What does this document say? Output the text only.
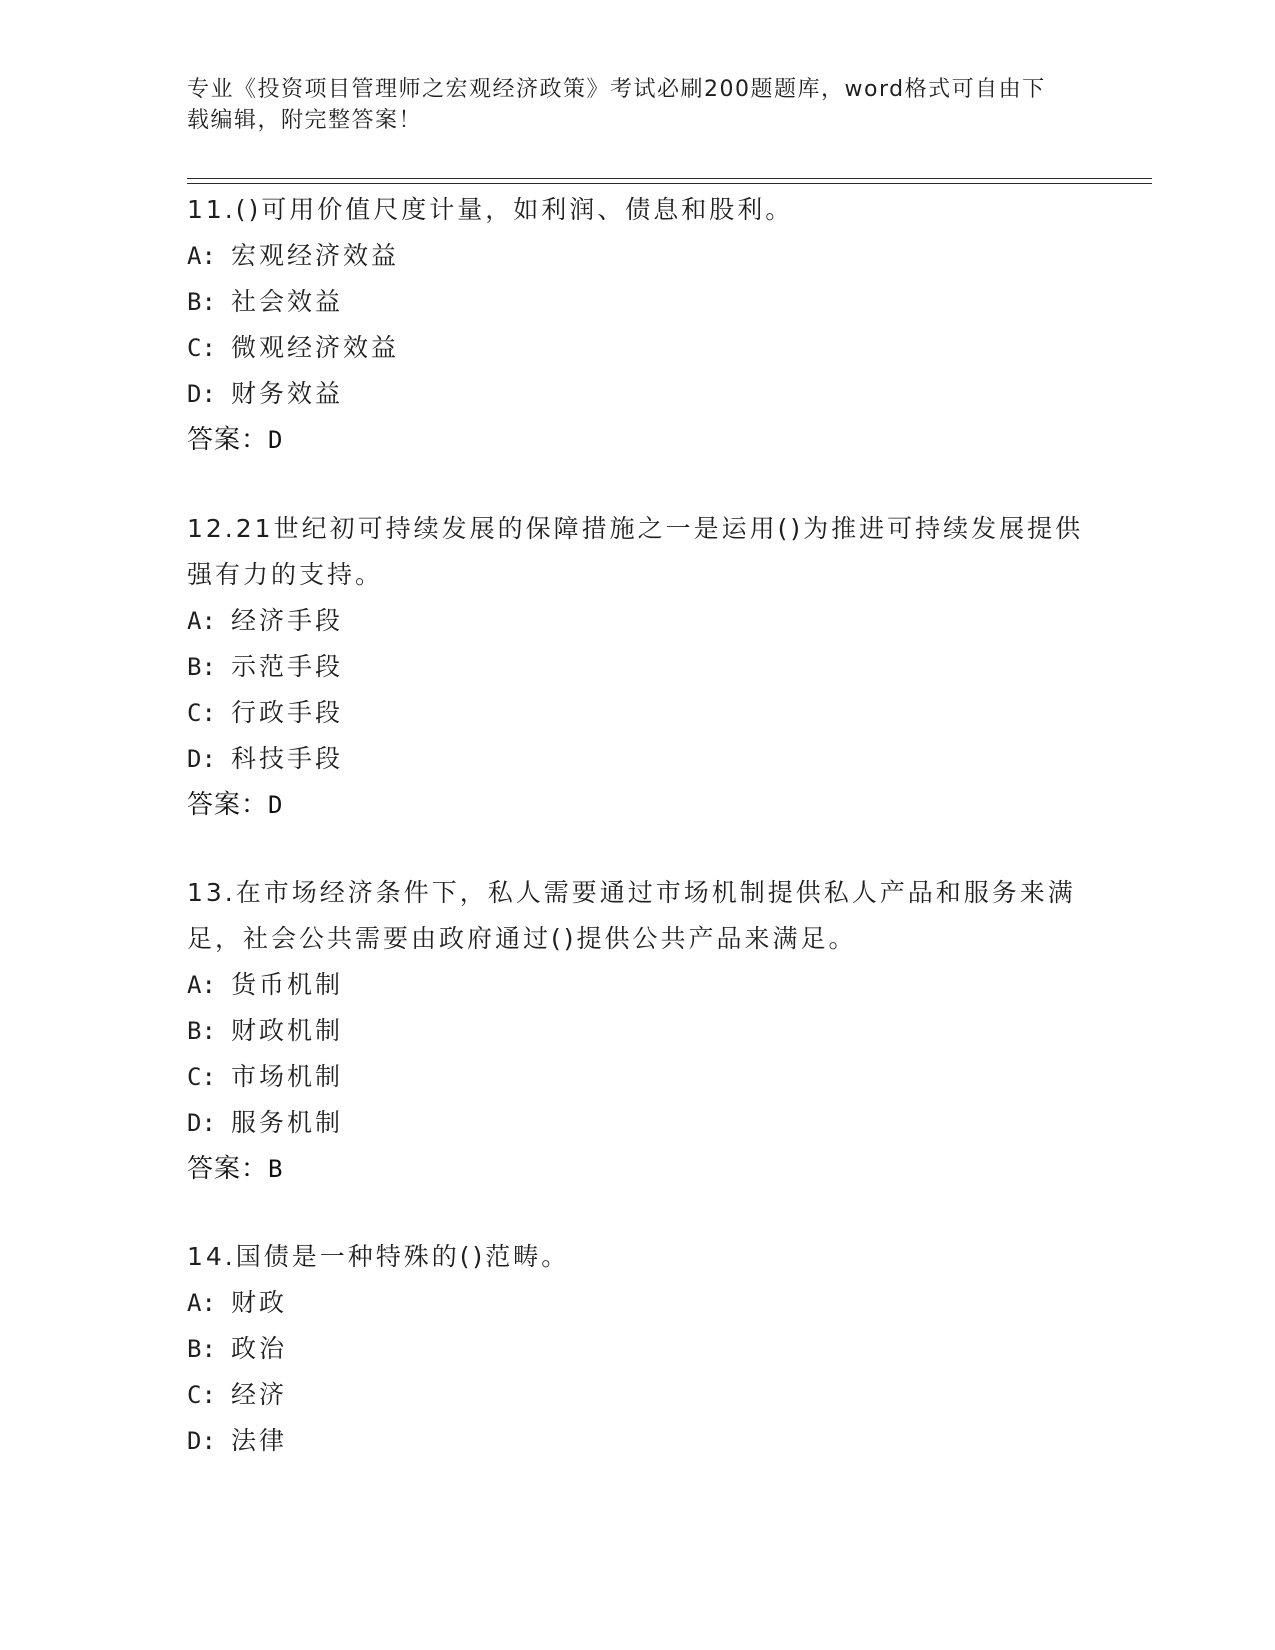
专业《投资项目管理师之宏观经济政策》考试必刷200题题库，word格式可自由下载编辑，附完整答案！

11.()可用价值尺度计量，如利润、债息和股利。

A: 宏观经济效益

B: 社会效益

C: 微观经济效益

D: 财务效益

答案：D

12.21世纪初可持续发展的保障措施之一是运用()为推进可持续发展提供强有力的支持。

A: 经济手段

B: 示范手段

C: 行政手段

D: 科技手段

答案：D

13.在市场经济条件下，私人需要通过市场机制提供私人产品和服务来满足，社会公共需要由政府通过()提供公共产品来满足。

A: 货币机制

B: 财政机制

C: 市场机制

D: 服务机制

答案：B

14.国债是一种特殊的()范畴。

A: 财政

B: 政治

C: 经济

D: 法律
